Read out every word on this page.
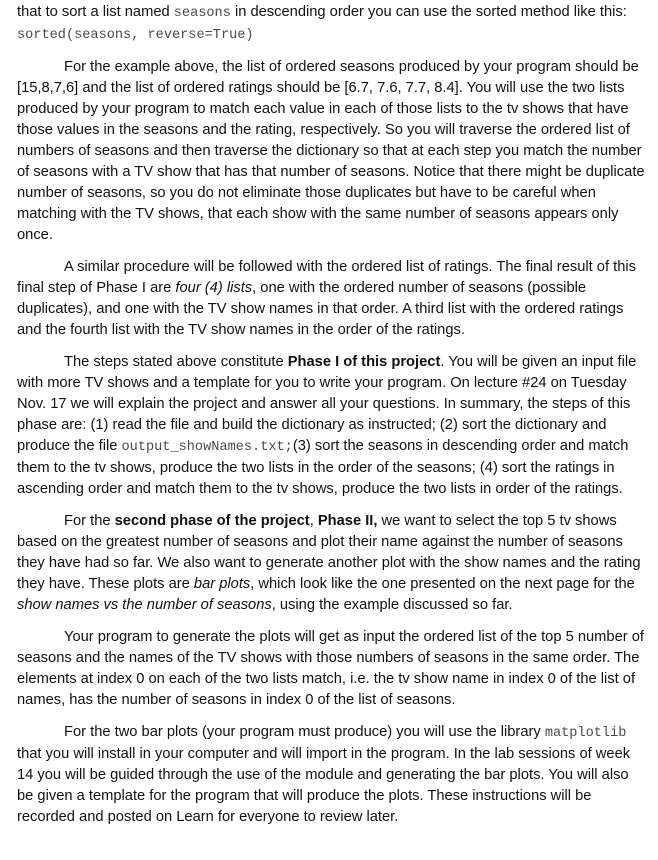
that to sort a list named seasons in descending order you can use the sorted method like this: sorted(seasons, reverse=True)

For the example above, the list of ordered seasons produced by your program should be [15,8,7,6] and the list of ordered ratings should be [6.7, 7.6, 7.7, 8.4]. You will use the two lists produced by your program to match each value in each of those lists to the tv shows that have those values in the seasons and the rating, respectively. So you will traverse the ordered list of numbers of seasons and then traverse the dictionary so that at each step you match the number of seasons with a TV show that has that number of seasons. Notice that there might be duplicate number of seasons, so you do not eliminate those duplicates but have to be careful when matching with the TV shows, that each show with the same number of seasons appears only once.

A similar procedure will be followed with the ordered list of ratings. The final result of this final step of Phase I are four (4) lists, one with the ordered number of seasons (possible duplicates), and one with the TV show names in that order. A third list with the ordered ratings and the fourth list with the TV show names in the order of the ratings.

The steps stated above constitute Phase I of this project. You will be given an input file with more TV shows and a template for you to write your program. On lecture #24 on Tuesday Nov. 17 we will explain the project and answer all your questions. In summary, the steps of this phase are: (1) read the file and build the dictionary as instructed; (2) sort the dictionary and produce the file output_showNames.txt;(3) sort the seasons in descending order and match them to the tv shows, produce the two lists in the order of the seasons; (4) sort the ratings in ascending order and match them to the tv shows, produce the two lists in order of the ratings.

For the second phase of the project, Phase II, we want to select the top 5 tv shows based on the greatest number of seasons and plot their name against the number of seasons they have had so far. We also want to generate another plot with the show names and the rating they have. These plots are bar plots, which look like the one presented on the next page for the show names vs the number of seasons, using the example discussed so far.

Your program to generate the plots will get as input the ordered list of the top 5 number of seasons and the names of the TV shows with those numbers of seasons in the same order. The elements at index 0 on each of the two lists match, i.e. the tv show name in index 0 of the list of names, has the number of seasons in index 0 of the list of seasons.

For the two bar plots (your program must produce) you will use the library matplotlib that you will install in your computer and will import in the program. In the lab sessions of week 14 you will be guided through the use of the module and generating the bar plots. You will also be given a template for the program that will produce the plots. These instructions will be recorded and posted on Learn for everyone to review later.
